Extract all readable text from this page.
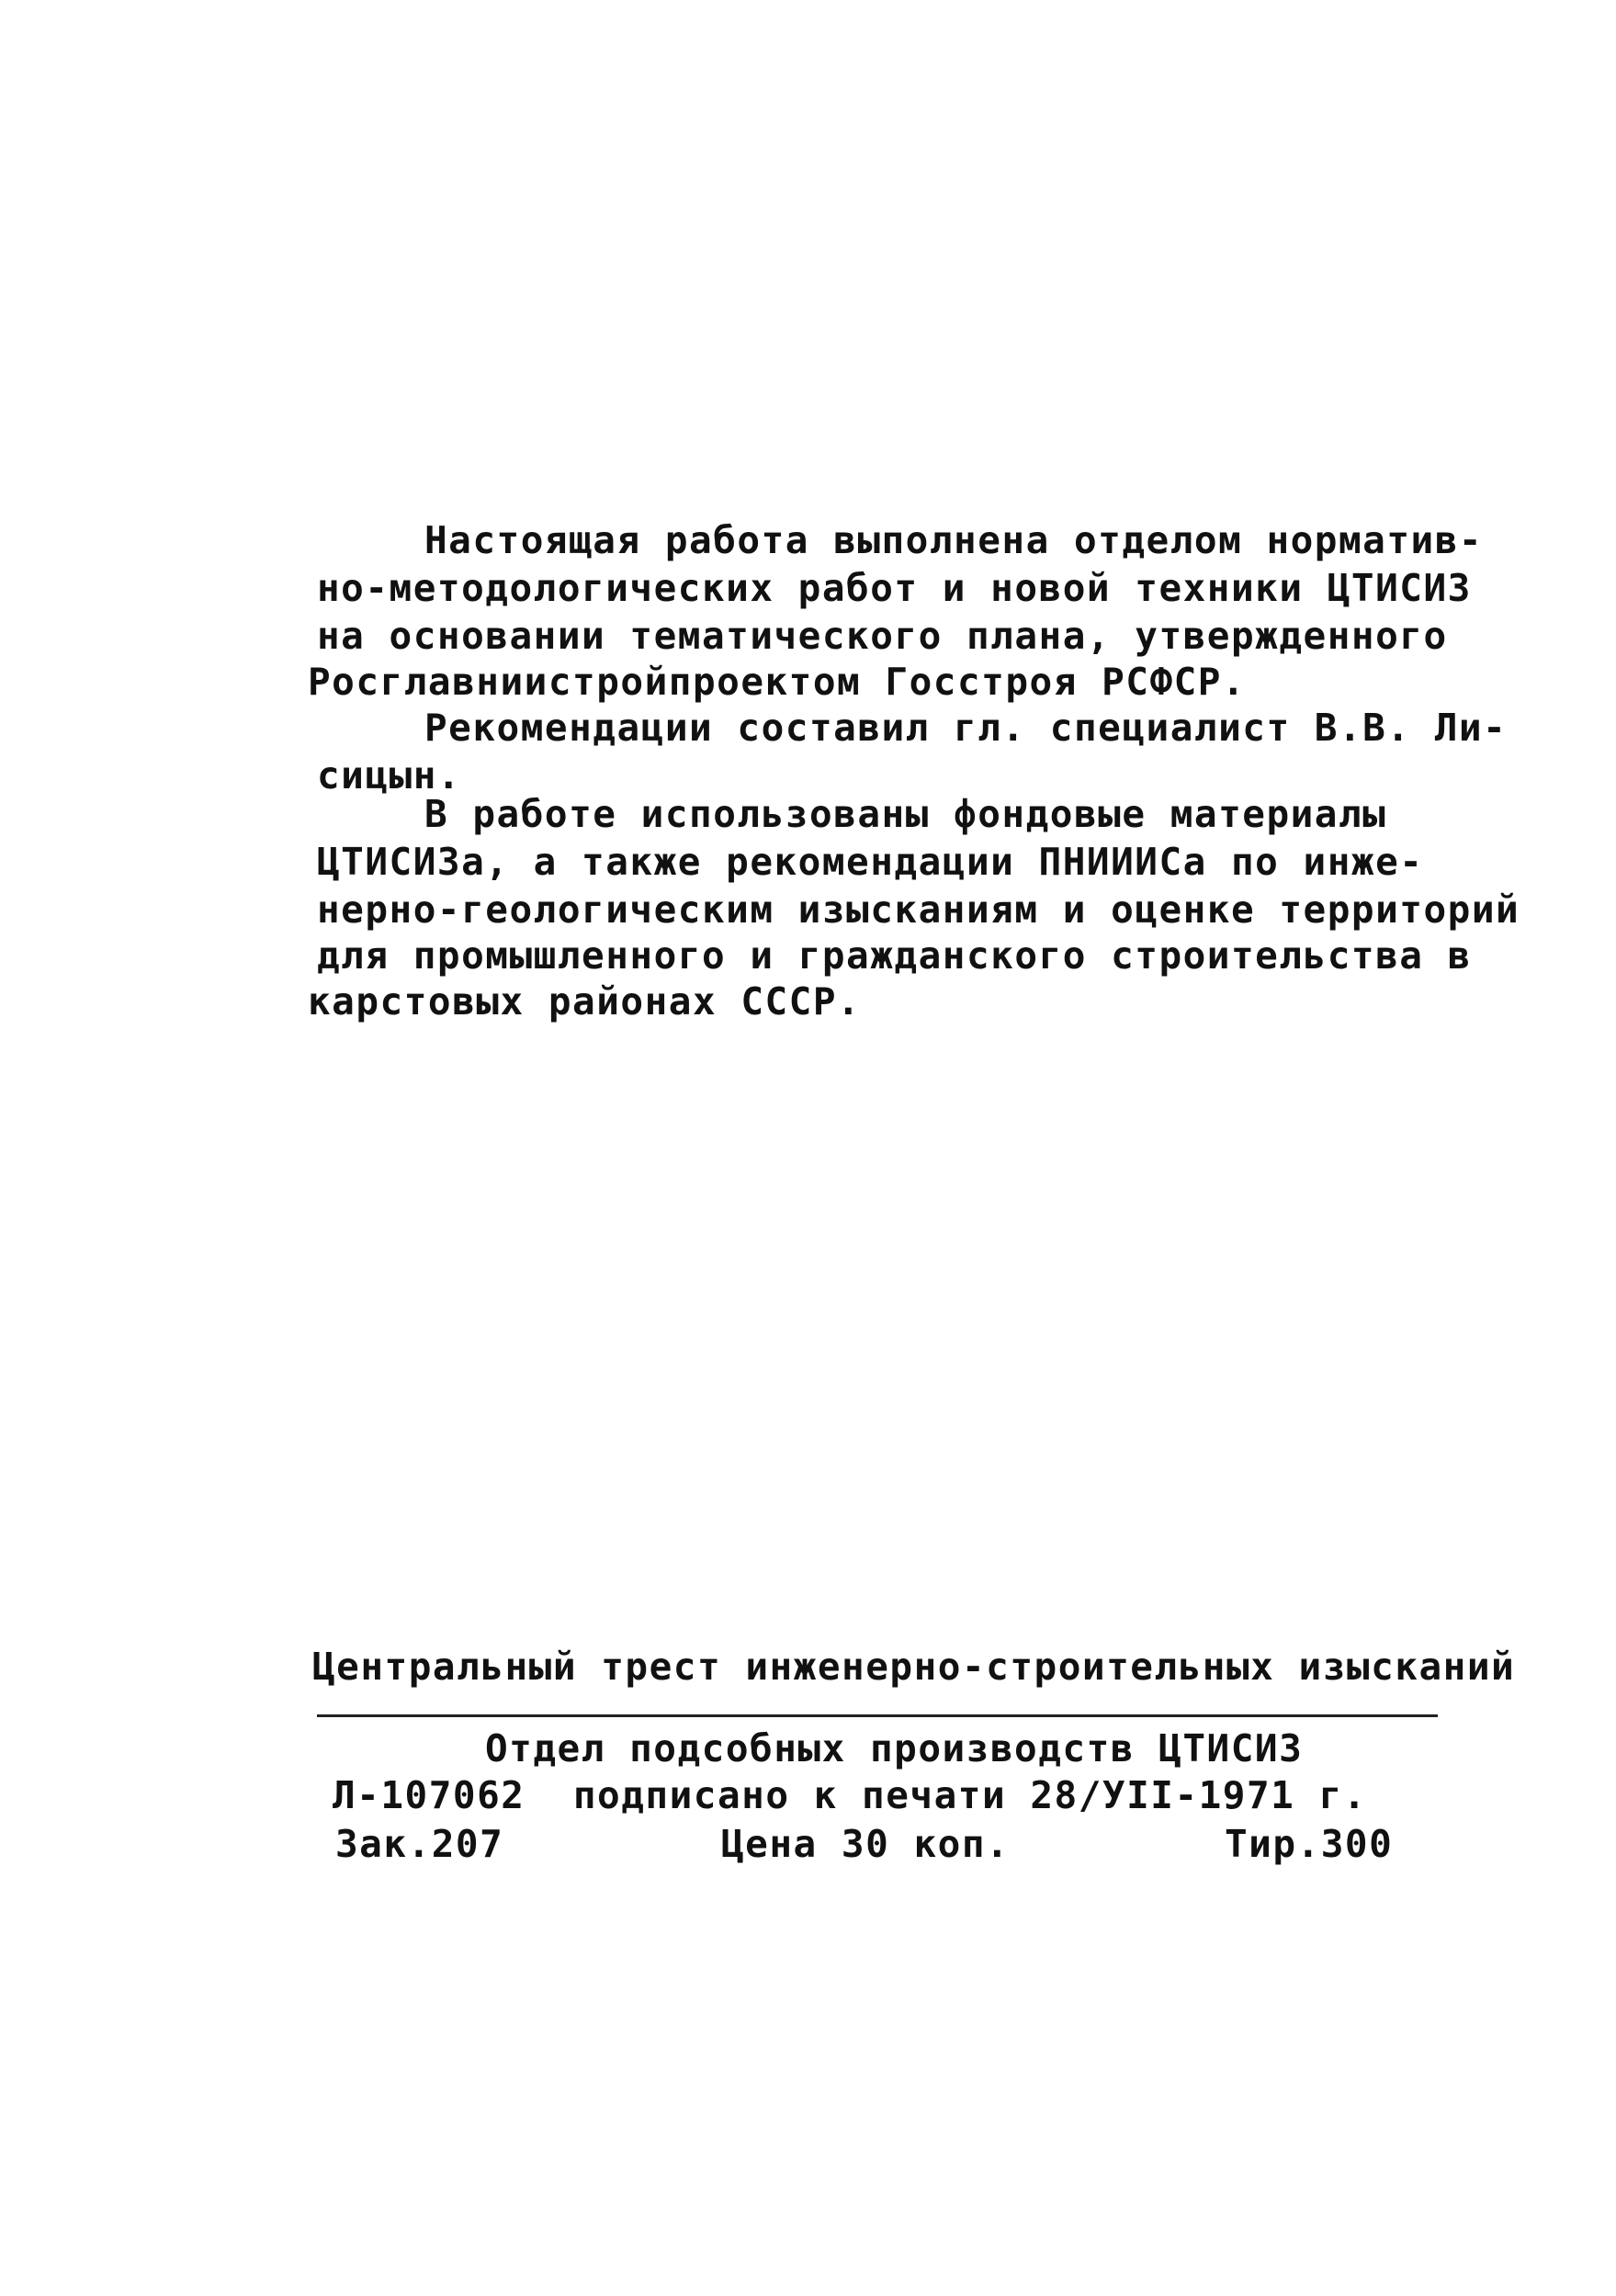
Настоящая работа выполнена отделом норматив-
но-методологических работ и новой техники ЦТИСИЗ
на основании тематического плана, утвержденного
Росглавниистройпроектом Госстроя РСФСР.
Рекомендации составил гл. специалист В.В. Ли-
сицын.
В работе использованы фондовые материалы
ЦТИСИЗа, а также рекомендации ПНИИИСа по инже-
нерно-геологическим изысканиям и оценке территорий
для промышленного и гражданского строительства в
карстовых районах СССР.
Центральный трест инженерно-строительных изысканий
Отдел подсобных производств ЦТИСИЗ
Л-107062  подписано к печати 28/УII-1971 г.
Зак.207	Цена 30 коп.	Тир.300
